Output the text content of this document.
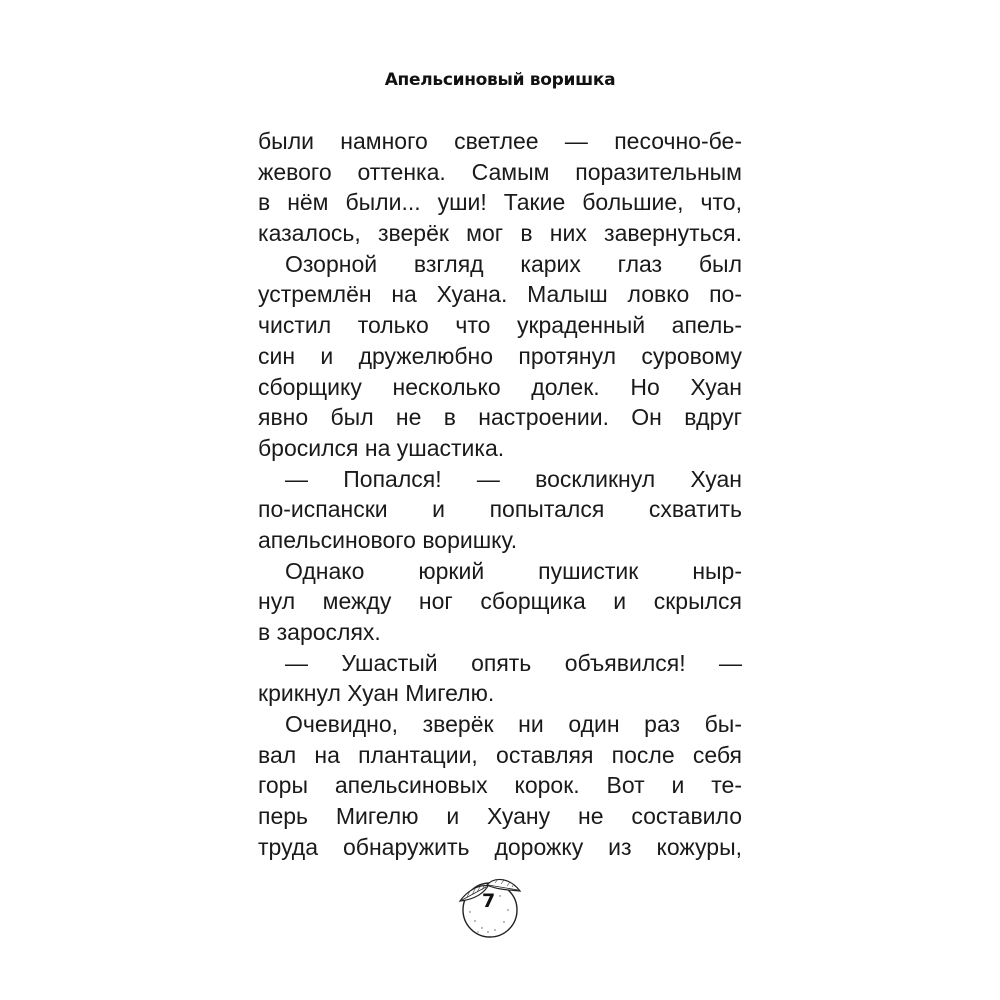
Апельсиновый воришка
были намного светлее — песочно-бе-
жевого оттенка. Самым поразительным
в нём были... уши! Такие большие, что,
казалось, зверёк мог в них завернуться.
Озорной взгляд карих глаз был
устремлён на Хуана. Малыш ловко по-
чистил только что украденный апель-
син и дружелюбно протянул суровому
сборщику несколько долек. Но Хуан
явно был не в настроении. Он вдруг
бросился на ушастика.
— Попался! — воскликнул Хуан
по-испански и попытался схватить
апельсинового воришку.
Однако юркий пушистик ныр-
нул между ног сборщика и скрылся
в зарослях.
— Ушастый опять объявился! —
крикнул Хуан Мигелю.
Очевидно, зверёк ни один раз бы-
вал на плантации, оставляя после себя
горы апельсиновых корок. Вот и те-
перь Мигелю и Хуану не составило
труда обнаружить дорожку из кожуры,
7
